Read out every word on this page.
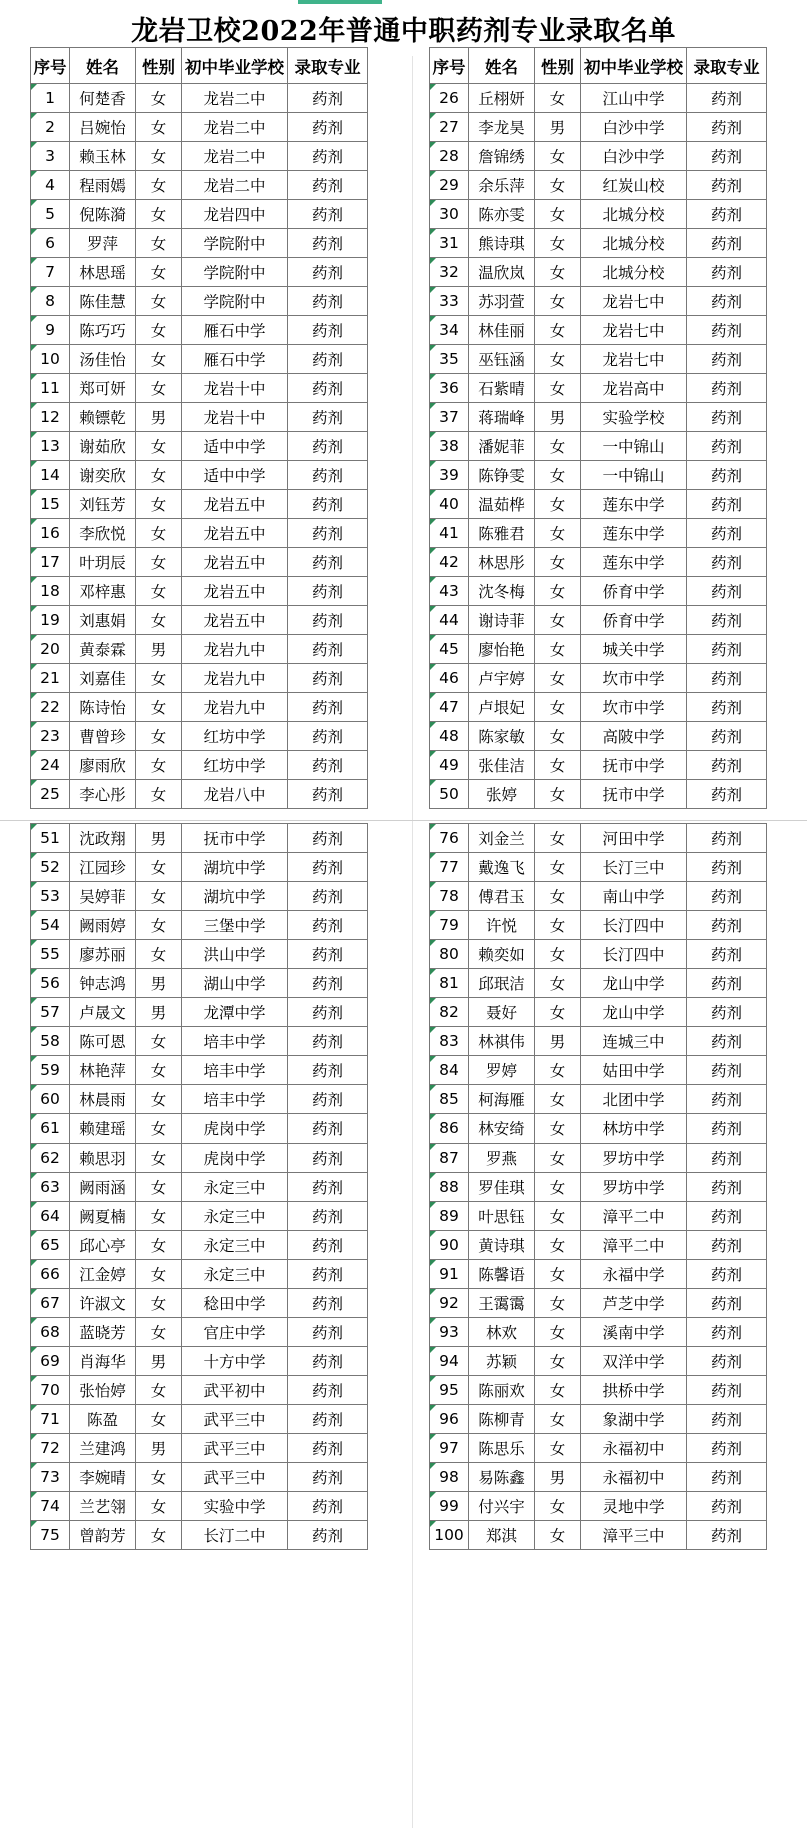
龙岩卫校2022年普通中职药剂专业录取名单
序号	姓名	性别	初中毕业学校	录取专业
1	何楚香	女	龙岩二中	药剂
2	吕婉怡	女	龙岩二中	药剂
3	赖玉林	女	龙岩二中	药剂
4	程雨嫣	女	龙岩二中	药剂
5	倪陈漪	女	龙岩四中	药剂
6	罗萍	女	学院附中	药剂
7	林思瑶	女	学院附中	药剂
8	陈佳慧	女	学院附中	药剂
9	陈巧巧	女	雁石中学	药剂
10	汤佳怡	女	雁石中学	药剂
11	郑可妍	女	龙岩十中	药剂
12	赖镖乾	男	龙岩十中	药剂
13	谢茹欣	女	适中中学	药剂
14	谢奕欣	女	适中中学	药剂
15	刘钰芳	女	龙岩五中	药剂
16	李欣悦	女	龙岩五中	药剂
17	叶玥辰	女	龙岩五中	药剂
18	邓梓惠	女	龙岩五中	药剂
19	刘惠娟	女	龙岩五中	药剂
20	黄泰霖	男	龙岩九中	药剂
21	刘嘉佳	女	龙岩九中	药剂
22	陈诗怡	女	龙岩九中	药剂
23	曹曾珍	女	红坊中学	药剂
24	廖雨欣	女	红坊中学	药剂
25	李心彤	女	龙岩八中	药剂
序号	姓名	性别	初中毕业学校	录取专业
26	丘栩妍	女	江山中学	药剂
27	李龙昊	男	白沙中学	药剂
28	詹锦绣	女	白沙中学	药剂
29	余乐萍	女	红炭山校	药剂
30	陈亦雯	女	北城分校	药剂
31	熊诗琪	女	北城分校	药剂
32	温欣岚	女	北城分校	药剂
33	苏羽萱	女	龙岩七中	药剂
34	林佳丽	女	龙岩七中	药剂
35	巫钰涵	女	龙岩七中	药剂
36	石紫晴	女	龙岩高中	药剂
37	蒋瑞峰	男	实验学校	药剂
38	潘妮菲	女	一中锦山	药剂
39	陈铮雯	女	一中锦山	药剂
40	温茹桦	女	莲东中学	药剂
41	陈雅君	女	莲东中学	药剂
42	林思彤	女	莲东中学	药剂
43	沈冬梅	女	侨育中学	药剂
44	谢诗菲	女	侨育中学	药剂
45	廖怡艳	女	城关中学	药剂
46	卢宇婷	女	坎市中学	药剂
47	卢垠妃	女	坎市中学	药剂
48	陈家敏	女	高陂中学	药剂
49	张佳洁	女	抚市中学	药剂
50	张婷	女	抚市中学	药剂
51	沈政翔	男	抚市中学	药剂
52	江园珍	女	湖坑中学	药剂
53	吴婷菲	女	湖坑中学	药剂
54	阙雨婷	女	三堡中学	药剂
55	廖苏丽	女	洪山中学	药剂
56	钟志鸿	男	湖山中学	药剂
57	卢晟文	男	龙潭中学	药剂
58	陈可恩	女	培丰中学	药剂
59	林艳萍	女	培丰中学	药剂
60	林晨雨	女	培丰中学	药剂
61	赖建瑶	女	虎岗中学	药剂
62	赖思羽	女	虎岗中学	药剂
63	阙雨涵	女	永定三中	药剂
64	阙夏楠	女	永定三中	药剂
65	邱心亭	女	永定三中	药剂
66	江金婷	女	永定三中	药剂
67	许淑文	女	稔田中学	药剂
68	蓝晓芳	女	官庄中学	药剂
69	肖海华	男	十方中学	药剂
70	张怡婷	女	武平初中	药剂
71	陈盈	女	武平三中	药剂
72	兰建鸿	男	武平三中	药剂
73	李婉晴	女	武平三中	药剂
74	兰艺翎	女	实验中学	药剂
75	曾韵芳	女	长汀二中	药剂
76	刘金兰	女	河田中学	药剂
77	戴逸飞	女	长汀三中	药剂
78	傅君玉	女	南山中学	药剂
79	许悦	女	长汀四中	药剂
80	赖奕如	女	长汀四中	药剂
81	邱珉洁	女	龙山中学	药剂
82	聂好	女	龙山中学	药剂
83	林祺伟	男	连城三中	药剂
84	罗婷	女	姑田中学	药剂
85	柯海雁	女	北团中学	药剂
86	林安绮	女	林坊中学	药剂
87	罗燕	女	罗坊中学	药剂
88	罗佳琪	女	罗坊中学	药剂
89	叶思钰	女	漳平二中	药剂
90	黄诗琪	女	漳平二中	药剂
91	陈馨语	女	永福中学	药剂
92	王霭霭	女	芦芝中学	药剂
93	林欢	女	溪南中学	药剂
94	苏颖	女	双洋中学	药剂
95	陈丽欢	女	拱桥中学	药剂
96	陈柳青	女	象湖中学	药剂
97	陈思乐	女	永福初中	药剂
98	易陈鑫	男	永福初中	药剂
99	付兴宇	女	灵地中学	药剂
100	郑淇	女	漳平三中	药剂
